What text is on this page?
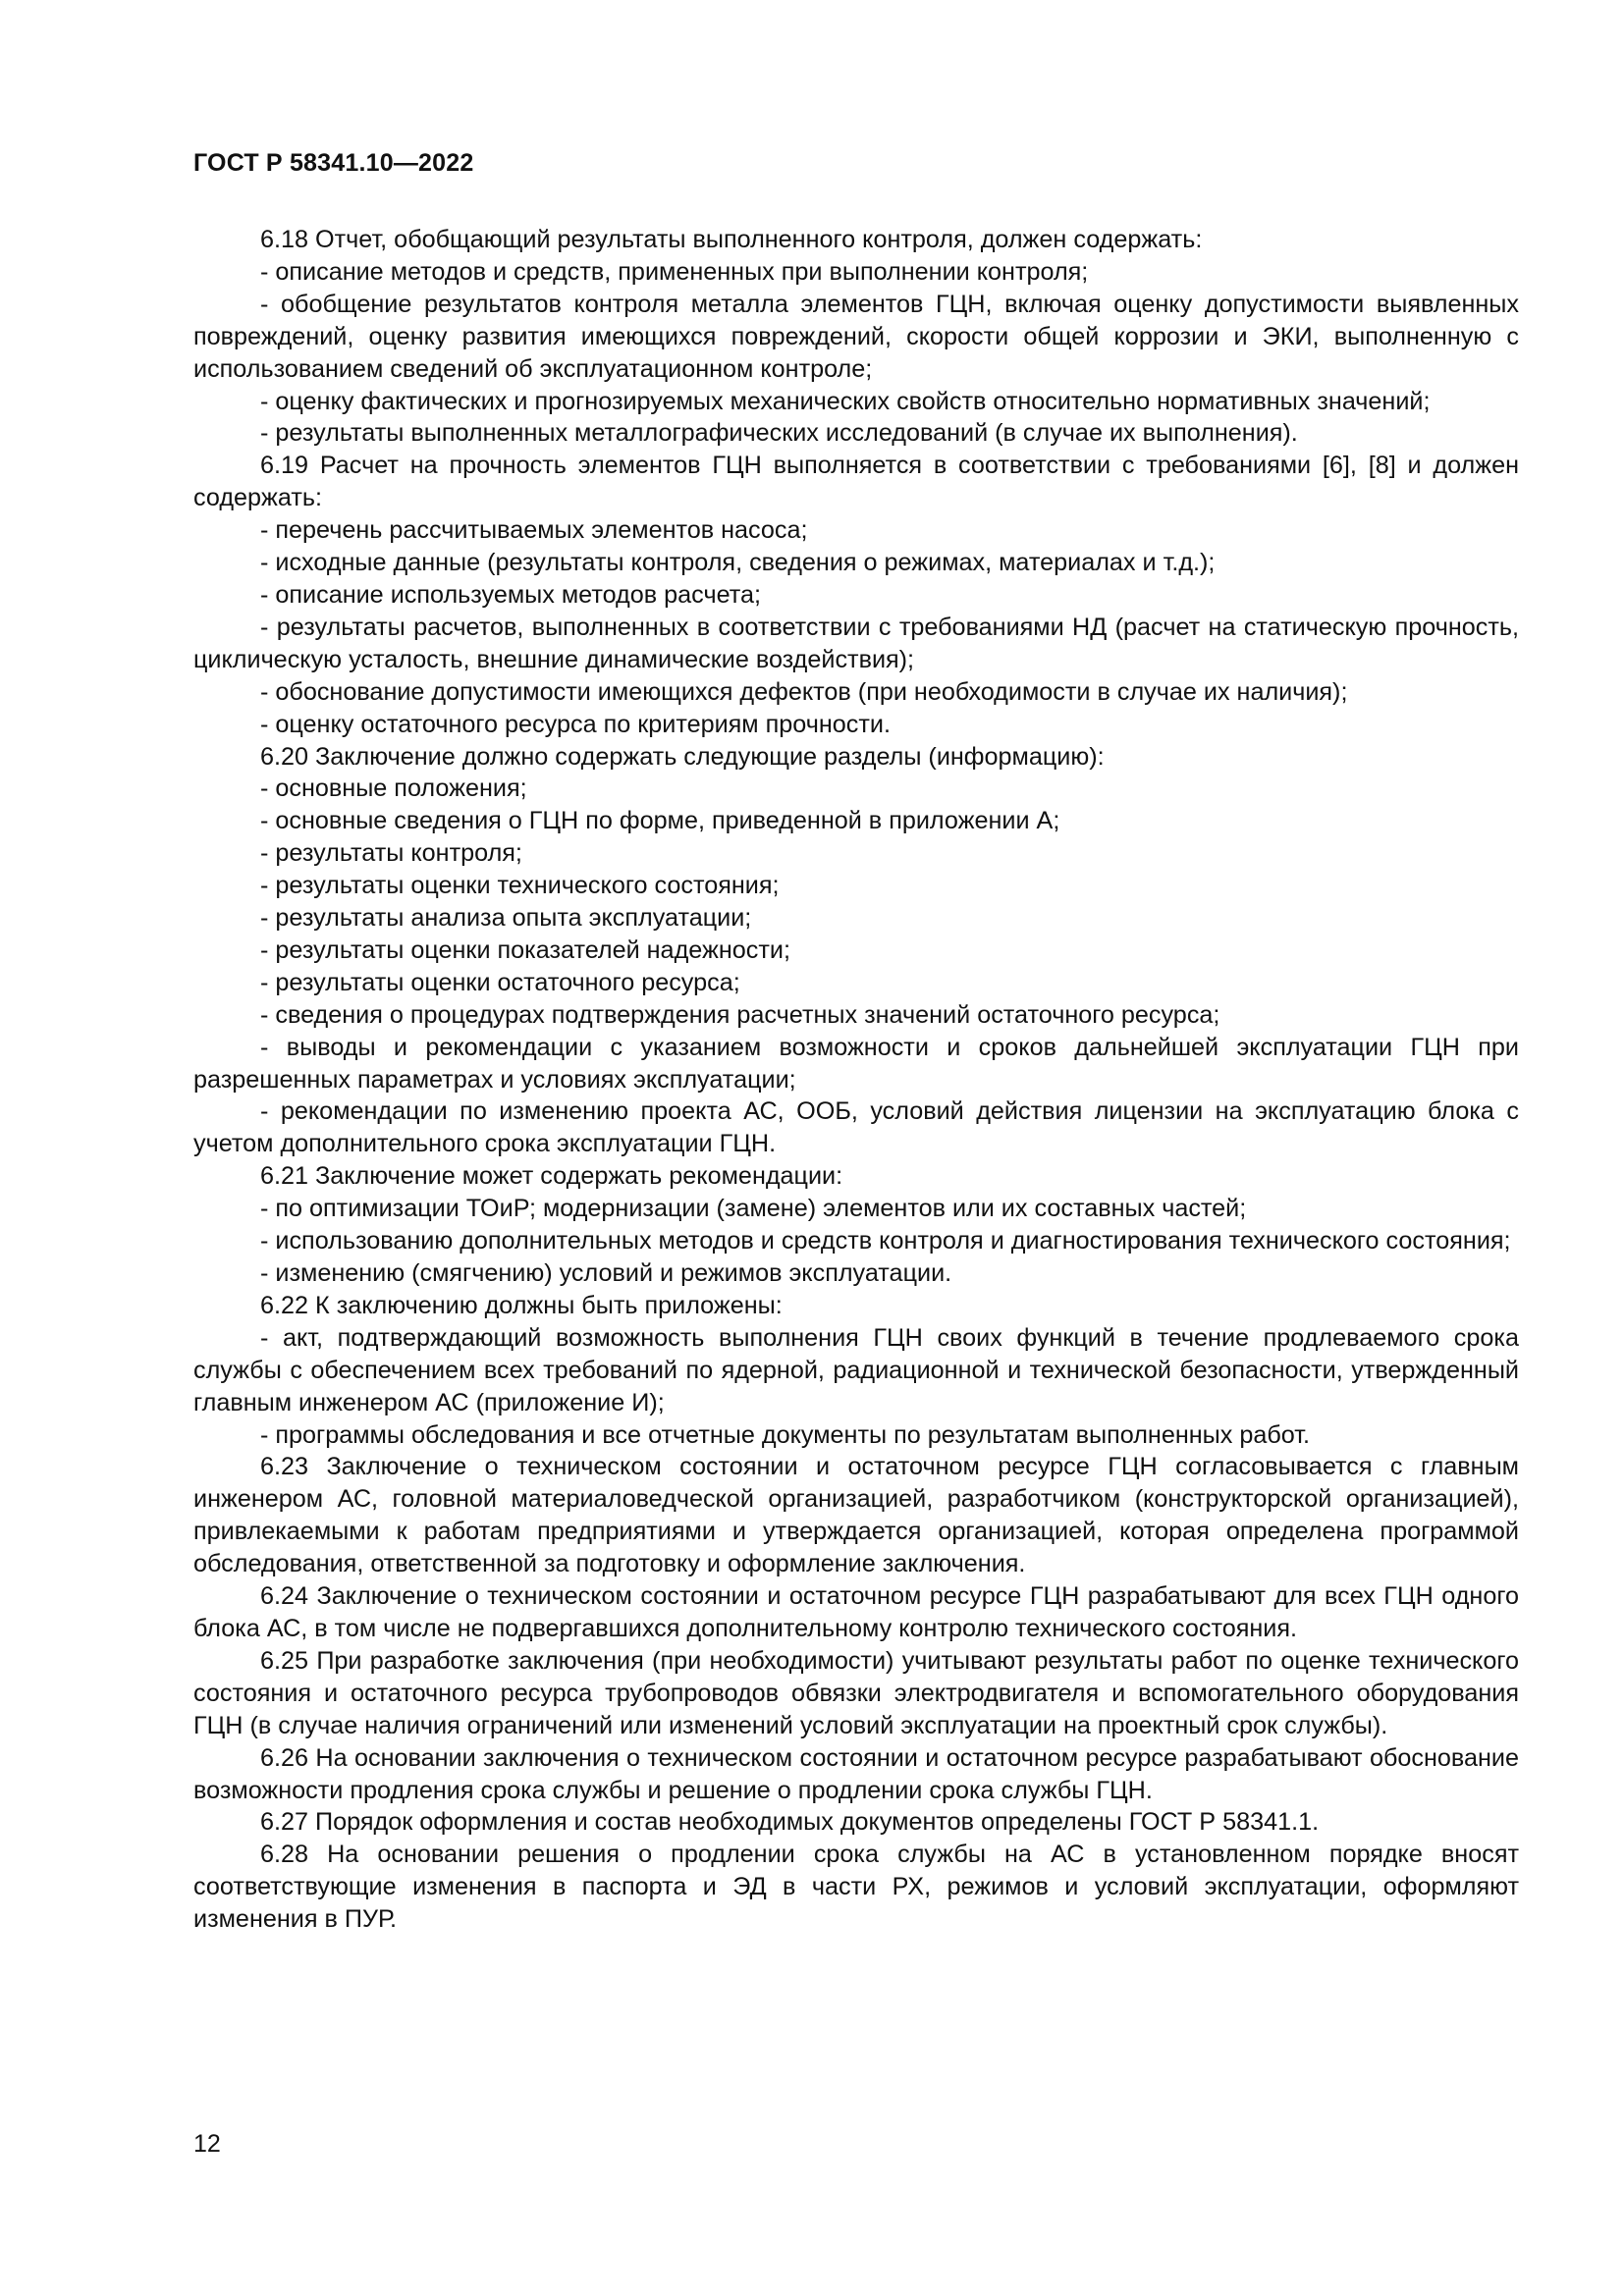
ГОСТ Р 58341.10—2022

6.18 Отчет, обобщающий результаты выполненного контроля, должен содержать:

- описание методов и средств, примененных при выполнении контроля;

- обобщение результатов контроля металла элементов ГЦН, включая оценку допустимости выявленных повреждений, оценку развития имеющихся повреждений, скорости общей коррозии и ЭКИ, выполненную с использованием сведений об эксплуатационном контроле;

- оценку фактических и прогнозируемых механических свойств относительно нормативных значений;

- результаты выполненных металлографических исследований (в случае их выполнения).

6.19 Расчет на прочность элементов ГЦН выполняется в соответствии с требованиями [6], [8] и должен содержать:

- перечень рассчитываемых элементов насоса;

- исходные данные (результаты контроля, сведения о режимах, материалах и т.д.);

- описание используемых методов расчета;

- результаты расчетов, выполненных в соответствии с требованиями НД (расчет на статическую прочность, циклическую усталость, внешние динамические воздействия);

- обоснование допустимости имеющихся дефектов (при необходимости в случае их наличия);

- оценку остаточного ресурса по критериям прочности.

6.20 Заключение должно содержать следующие разделы (информацию):

- основные положения;

- основные сведения о ГЦН по форме, приведенной в приложении А;

- результаты контроля;

- результаты оценки технического состояния;

- результаты анализа опыта эксплуатации;

- результаты оценки показателей надежности;

- результаты оценки остаточного ресурса;

- сведения о процедурах подтверждения расчетных значений остаточного ресурса;

- выводы и рекомендации с указанием возможности и сроков дальнейшей эксплуатации ГЦН при разрешенных параметрах и условиях эксплуатации;

- рекомендации по изменению проекта АС, ООБ, условий действия лицензии на эксплуатацию блока с учетом дополнительного срока эксплуатации ГЦН.

6.21 Заключение может содержать рекомендации:

- по оптимизации ТОиР; модернизации (замене) элементов или их составных частей;

- использованию дополнительных методов и средств контроля и диагностирования технического состояния;

- изменению (смягчению) условий и режимов эксплуатации.

6.22 К заключению должны быть приложены:

- акт, подтверждающий возможность выполнения ГЦН своих функций в течение продлеваемого срока службы с обеспечением всех требований по ядерной, радиационной и технической безопасности, утвержденный главным инженером АС (приложение И);

- программы обследования и все отчетные документы по результатам выполненных работ.

6.23 Заключение о техническом состоянии и остаточном ресурсе ГЦН согласовывается с главным инженером АС, головной материаловедческой организацией, разработчиком (конструкторской организацией), привлекаемыми к работам предприятиями и утверждается организацией, которая определена программой обследования, ответственной за подготовку и оформление заключения.

6.24 Заключение о техническом состоянии и остаточном ресурсе ГЦН разрабатывают для всех ГЦН одного блока АС, в том числе не подвергавшихся дополнительному контролю технического состояния.

6.25 При разработке заключения (при необходимости) учитывают результаты работ по оценке технического состояния и остаточного ресурса трубопроводов обвязки электродвигателя и вспомогательного оборудования ГЦН (в случае наличия ограничений или изменений условий эксплуатации на проектный срок службы).

6.26 На основании заключения о техническом состоянии и остаточном ресурсе разрабатывают обоснование возможности продления срока службы и решение о продлении срока службы ГЦН.

6.27 Порядок оформления и состав необходимых документов определены ГОСТ Р 58341.1.

6.28 На основании решения о продлении срока службы на АС в установленном порядке вносят соответствующие изменения в паспорта и ЭД в части РХ, режимов и условий эксплуатации, оформляют изменения в ПУР.

12
